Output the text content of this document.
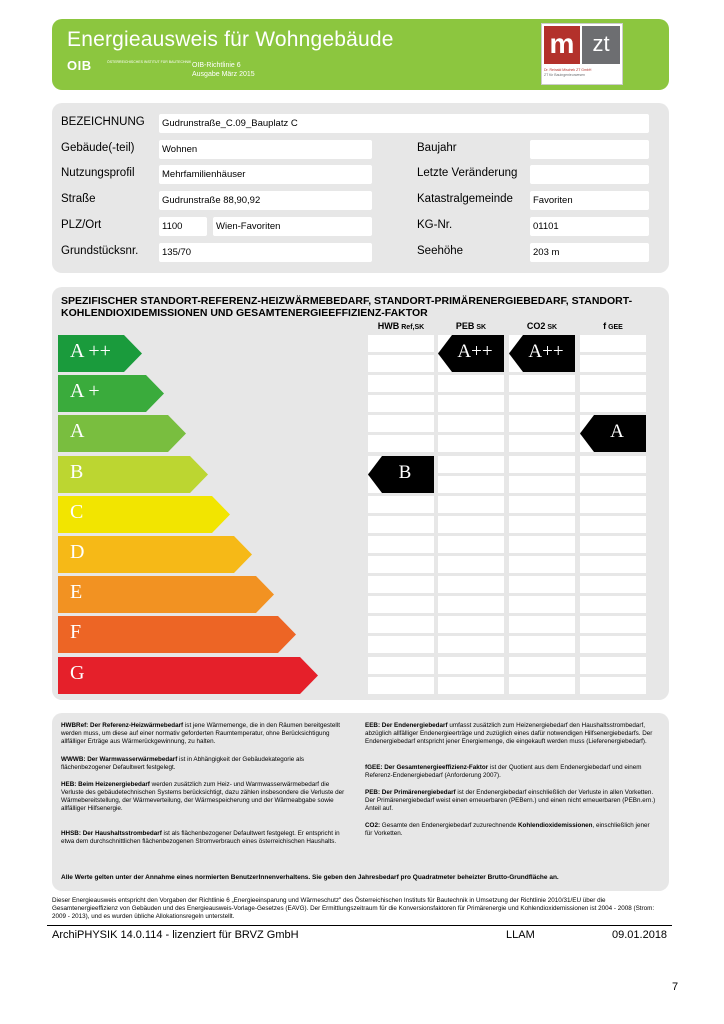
Energieausweis für Wohngebäude
OIB	ÖSTERREICHISCHES INSTITUT FÜR BAUTECHNIK OIB-Richtlinie 6
Ausgabe März 2015
m zt
Dr. Reinald Mischek ZT GmbH
ZT für Bauingenieurwesen
BEZEICHNUNG	Gudrunstraße_C.09_Bauplatz C
Gebäude(-teil)	Wohnen
Nutzungsprofil	Mehrfamilienhäuser
Straße	Gudrunstraße 88,90,92
PLZ/Ort	1100	Wien-Favoriten
Grundstücksnr.	135/70
Baujahr
Letzte Veränderung
Katastralgemeinde	Favoriten
KG-Nr.	01101
Seehöhe	203 m
SPEZIFISCHER STANDORT-REFERENZ-HEIZWÄRMEBEDARF, STANDORT-PRIMÄRENERGIEBEDARF, STANDORT-KOHLENDIOXIDEMISSIONEN UND GESAMTENERGIEEFFIZIENZ-FAKTOR
HWB Ref,SK	PEB SK	CO2 SK	f GEE
A ++
A +
A
B
C
D
E
F
G
B
A++	A++
A
HWBRef: Der Referenz-Heizwärmebedarf ist jene Wärmemenge, die in den Räumen bereitgestellt werden muss, um diese auf einer normativ geforderten Raumtemperatur, ohne Berücksichtigung allfälliger Erträge aus Wärmerückgewinnung, zu halten.
WWWB: Der Warmwasserwärmebedarf ist in Abhängigkeit der Gebäudekategorie als flächenbezogener Defaultwert festgelegt.
HEB: Beim Heizenergiebedarf werden zusätzlich zum Heiz- und Warmwasserwärmebedarf die Verluste des gebäudetechnischen Systems berücksichtigt, dazu zählen insbesondere die Verluste der Wärmebereitstellung, der Wärmeverteilung, der Wärmespeicherung und der Wärmeabgabe sowie allfälliger Hilfsenergie.
HHSB: Der Haushaltsstrombedarf ist als flächenbezogener Defaultwert festgelegt. Er entspricht in etwa dem durchschnittlichen flächenbezogenen Stromverbrauch eines österreichischen Haushalts.
EEB: Der Endenergiebedarf umfasst zusätzlich zum Heizenergiebedarf den Haushaltsstrombedarf, abzüglich allfälliger Endenergieerträge und zuzüglich eines dafür notwendigen Hilfsenergiebedarfs. Der Endenergiebedarf entspricht jener Energiemenge, die eingekauft werden muss (Lieferenergiebedarf).
fGEE: Der Gesamtenergieeffizienz-Faktor ist der Quotient aus dem Endenergiebedarf und einem Referenz-Endenergiebedarf (Anforderung 2007).
PEB: Der Primärenergiebedarf ist der Endenergiebedarf einschließlich der Verluste in allen Vorketten. Der Primärenergiebedarf weist einen erneuerbaren (PEBern.) und einen nicht erneuerbaren (PEBn.ern.) Anteil auf.
CO2: Gesamte den Endenergiebedarf zuzurechnende Kohlendioxidemissionen, einschließlich jener für Vorketten.
Alle Werte gelten unter der Annahme eines normierten BenutzerInnenverhaltens. Sie geben den Jahresbedarf pro Quadratmeter beheizter Brutto-Grundfläche an.
Dieser Energieausweis entspricht den Vorgaben der Richtlinie 6 „Energieeinsparung und Wärmeschutz" des Österreichischen Instituts für Bautechnik in Umsetzung der Richtlinie 2010/31/EU über die Gesamtenergieeffizienz von Gebäuden und des Energieausweis-Vorlage-Gesetzes (EAVG). Der Ermittlungszeitraum für die Konversionsfaktoren für Primärenergie und Kohlendioxidemissionen ist 2004 - 2008 (Strom: 2009 - 2013), und es wurden übliche Allokationsregeln unterstellt.
ArchiPHYSIK 14.0.114 - lizenziert für BRVZ GmbH	LLAM	09.01.2018
7
